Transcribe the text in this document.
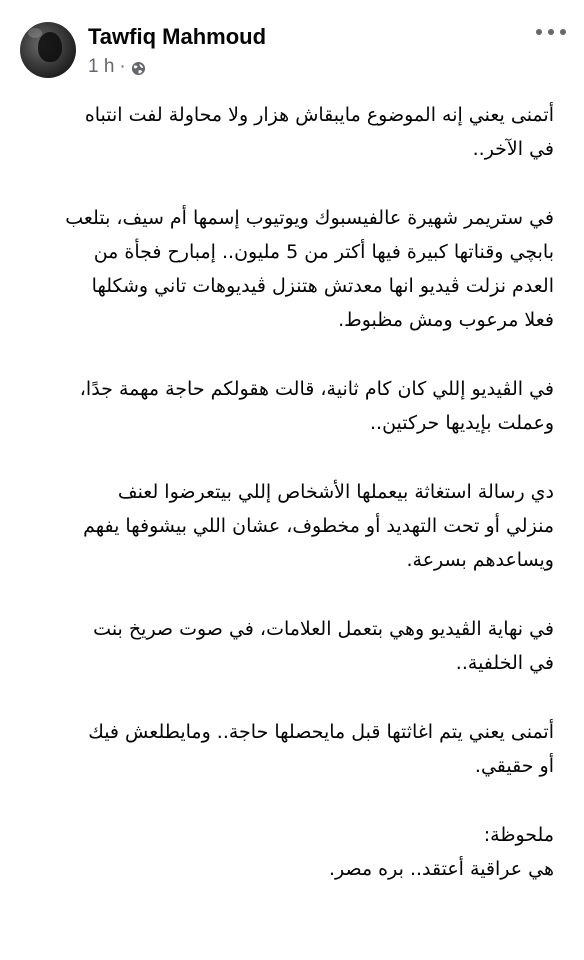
Tawfiq Mahmoud
1 h ·
أتمنى يعني إنه الموضوع مايبقاش هزار ولا محاولة لفت انتباه
في الآخر..
في ستريمر شهيرة عالفيسبوك ويوتيوب إسمها أم سيف، بتلعب
بابچي وقناتها كبيرة فيها أكتر من 5 مليون.. إمبارح فجأة من
العدم نزلت ڤيديو انها معدتش هتنزل ڤيديوهات تاني وشكلها
فعلا مرعوب ومش مظبوط.
في الڤيديو إللي كان كام ثانية، قالت هقولكم حاجة مهمة جدًا،
وعملت بإيديها حركتين..
دي رسالة استغاثة بيعملها الأشخاص إللي بيتعرضوا لعنف
منزلي أو تحت التهديد أو مخطوف، عشان اللي بيشوفها يفهم
ويساعدهم بسرعة.
في نهاية الڤيديو وهي بتعمل العلامات، في صوت صريخ بنت
في الخلفية..
أتمنى يعني يتم اغاثتها قبل مايحصلها حاجة.. ومايطلعش فيك
أو حقيقي.
ملحوظة:
هي عراقية أعتقد.. بره مصر.
